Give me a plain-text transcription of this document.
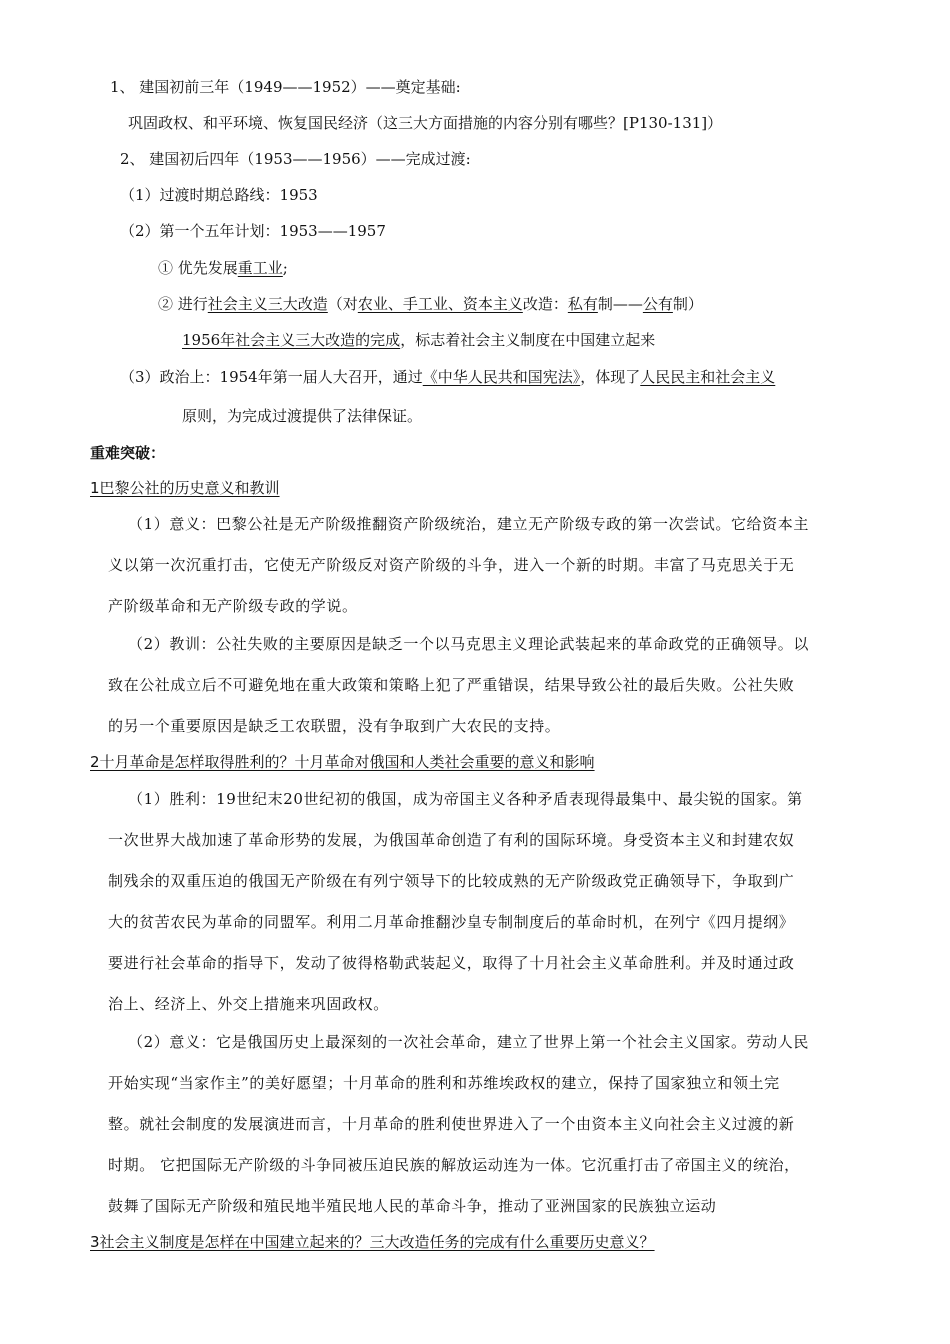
1、 建国初前三年（1949——1952）——奠定基础:
巩固政权、和平环境、恢复国民经济（这三大方面措施的内容分别有哪些？[P130-131]）
2、 建国初后四年（1953——1956）——完成过渡:
（1）过渡时期总路线：1953
（2）第一个五年计划：1953——1957
① 优先发展重工业;
② 进行社会主义三大改造（对农业、手工业、资本主义改造：私有制——公有制）
1956年社会主义三大改造的完成，标志着社会主义制度在中国建立起来
（3）政治上：1954年第一届人大召开，通过《中华人民共和国宪法》，体现了人民民主和社会主义
原则，为完成过渡提供了法律保证。
重难突破：
1巴黎公社的历史意义和教训
（1）意义：巴黎公社是无产阶级推翻资产阶级统治，建立无产阶级专政的第一次尝试。它给资本主
义以第一次沉重打击，它使无产阶级反对资产阶级的斗争，进入一个新的时期。丰富了马克思关于无
产阶级革命和无产阶级专政的学说。
（2）教训：公社失败的主要原因是缺乏一个以马克思主义理论武装起来的革命政党的正确领导。以
致在公社成立后不可避免地在重大政策和策略上犯了严重错误，结果导致公社的最后失败。公社失败
的另一个重要原因是缺乏工农联盟，没有争取到广大农民的支持。
2十月革命是怎样取得胜利的？十月革命对俄国和人类社会重要的意义和影响
（1）胜利：19世纪末20世纪初的俄国，成为帝国主义各种矛盾表现得最集中、最尖锐的国家。第
一次世界大战加速了革命形势的发展，为俄国革命创造了有利的国际环境。身受资本主义和封建农奴
制残余的双重压迫的俄国无产阶级在有列宁领导下的比较成熟的无产阶级政党正确领导下，争取到广
大的贫苦农民为革命的同盟军。利用二月革命推翻沙皇专制制度后的革命时机，在列宁《四月提纲》
要进行社会革命的指导下，发动了彼得格勒武装起义，取得了十月社会主义革命胜利。并及时通过政
治上、经济上、外交上措施来巩固政权。
（2）意义：它是俄国历史上最深刻的一次社会革命，建立了世界上第一个社会主义国家。劳动人民
开始实现“当家作主”的美好愿望；十月革命的胜利和苏维埃政权的建立，保持了国家独立和领土完
整。就社会制度的发展演进而言，十月革命的胜利使世界进入了一个由资本主义向社会主义过渡的新
时期。 它把国际无产阶级的斗争同被压迫民族的解放运动连为一体。它沉重打击了帝国主义的统治，
鼓舞了国际无产阶级和殖民地半殖民地人民的革命斗争，推动了亚洲国家的民族独立运动
3社会主义制度是怎样在中国建立起来的？三大改造任务的完成有什么重要历史意义？
